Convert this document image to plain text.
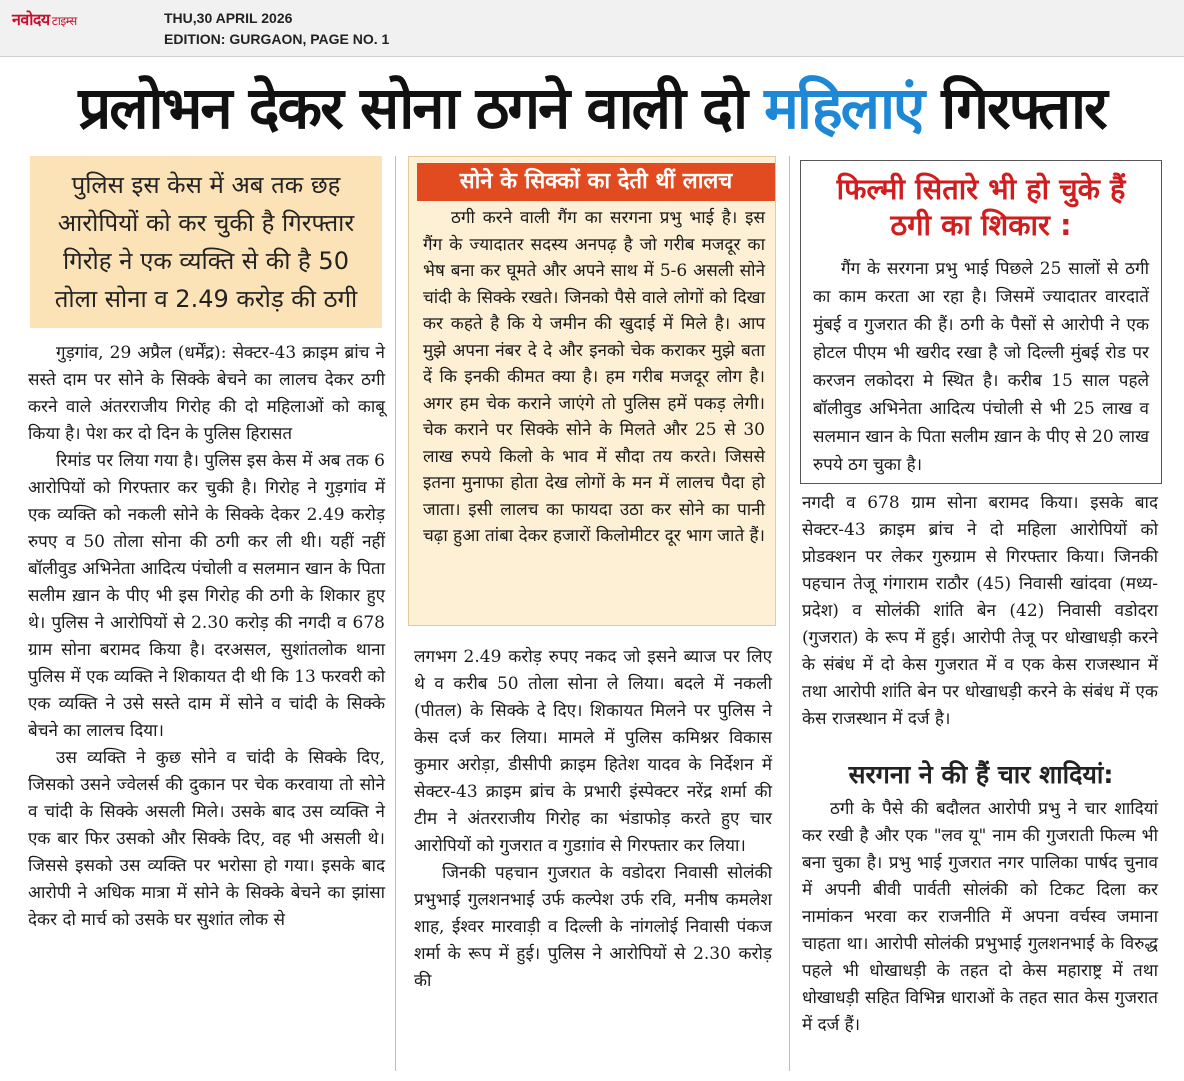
नवोदय टाइम्स	THU,30 APRIL 2026
EDITION: GURGAON, PAGE NO. 1
प्रलोभन देकर सोना ठगने वाली दो महिलाएं गिरफ्तार
पुलिस इस केस में अब तक छह
आरोपियों को कर चुकी है गिरफ्तार
गिरोह ने एक व्यक्ति से की है 50
तोला सोना व 2.49 करोड़ की ठगी

गुड़गांव, 29 अप्रैल (धर्मेंद्र): सेक्टर-43 क्राइम ब्रांच ने सस्ते दाम पर सोने के सिक्के बेचने का लालच देकर ठगी करने वाले अंतरराजीय गिरोह की दो महिलाओं को काबू किया है। पेश कर दो दिन के पुलिस हिरासत

रिमांड पर लिया गया है। पुलिस इस केस में अब तक 6 आरोपियों को गिरफ्तार कर चुकी है। गिरोह ने गुड़गांव में एक व्यक्ति को नकली सोने के सिक्के देकर 2.49 करोड़ रुपए व 50 तोला सोना की ठगी कर ली थी। यहीं नहीं बॉलीवुड अभिनेता आदित्य पंचोली व सलमान खान के पिता सलीम ख़ान के पीए भी इस गिरोह की ठगी के शिकार हुए थे। पुलिस ने आरोपियों से 2.30 करोड़ की नगदी व 678 ग्राम सोना बरामद किया है। दरअसल, सुशांतलोक थाना पुलिस में एक व्यक्ति ने शिकायत दी थी कि 13 फरवरी को एक व्यक्ति ने उसे सस्ते दाम में सोने व चांदी के सिक्के बेचने का लालच दिया।

उस व्यक्ति ने कुछ सोने व चांदी के सिक्के दिए, जिसको उसने ज्वेलर्स की दुकान पर चेक करवाया तो सोने व चांदी के सिक्के असली मिले। उसके बाद उस व्यक्ति ने एक बार फिर उसको और सिक्के दिए, वह भी असली थे। जिससे इसको उस व्यक्ति पर भरोसा हो गया। इसके बाद आरोपी ने अधिक मात्रा में सोने के सिक्के बेचने का झांसा देकर दो मार्च को उसके घर सुशांत लोक से

सोने के सिक्कों का देती थीं लालच

ठगी करने वाली गैंग का सरगना प्रभु भाई है। इस गैंग के ज्यादातर सदस्य अनपढ़ है जो गरीब मजदूर का भेष बना कर घूमते और अपने साथ में 5-6 असली सोने चांदी के सिक्के रखते। जिनको पैसे वाले लोगों को दिखा कर कहते है कि ये जमीन की खुदाई में मिले है। आप मुझे अपना नंबर दे दे और इनको चेक कराकर मुझे बता दें कि इनकी कीमत क्या है। हम गरीब मजदूर लोग है। अगर हम चेक कराने जाएंगे तो पुलिस हमें पकड़ लेगी। चेक कराने पर सिक्के सोने के मिलते और 25 से 30 लाख रुपये किलो के भाव में सौदा तय करते। जिससे इतना मुनाफा होता देख लोगों के मन में लालच पैदा हो जाता। इसी लालच का फायदा उठा कर सोने का पानी चढ़ा हुआ तांबा देकर हजारों किलोमीटर दूर भाग जाते हैं।

लगभग 2.49 करोड़ रुपए नकद जो इसने ब्याज पर लिए थे व करीब 50 तोला सोना ले लिया। बदले में नकली (पीतल) के सिक्के दे दिए। शिकायत मिलने पर पुलिस ने केस दर्ज कर लिया। मामले में पुलिस कमिश्नर विकास कुमार अरोड़ा, डीसीपी क्राइम हितेश यादव के निर्देशन में सेक्टर-43 क्राइम ब्रांच के प्रभारी इंस्पेक्टर नरेंद्र शर्मा की टीम ने अंतरराजीय गिरोह का भंडाफोड़ करते हुए चार आरोपियों को गुजरात व गुडग़ांव से गिरफ्तार कर लिया।

जिनकी पहचान गुजरात के वडोदरा निवासी सोलंकी प्रभुभाई गुलशनभाई उर्फ कल्पेश उर्फ रवि, मनीष कमलेश शाह, ईश्वर मारवाड़ी व दिल्ली के नांगलोई निवासी पंकज शर्मा के रूप में हुई। पुलिस ने आरोपियों से 2.30 करोड़ की

फिल्मी सितारे भी हो चुके हैं
ठगी का शिकार :

गैंग के सरगना प्रभु भाई पिछले 25 सालों से ठगी का काम करता आ रहा है। जिसमें ज्यादातर वारदातें मुंबई व गुजरात की हैं। ठगी के पैसों से आरोपी ने एक होटल पीएम भी खरीद रखा है जो दिल्ली मुंबई रोड पर करजन लकोदरा मे स्थित है। करीब 15 साल पहले बॉलीवुड अभिनेता आदित्य पंचोली से भी 25 लाख व सलमान खान के पिता सलीम ख़ान के पीए से 20 लाख रुपये ठग चुका है।

नगदी व 678 ग्राम सोना बरामद किया। इसके बाद सेक्टर-43 क्राइम ब्रांच ने दो महिला आरोपियों को प्रोडक्शन पर लेकर गुरुग्राम से गिरफ्तार किया। जिनकी पहचान तेजू गंगाराम राठौर (45) निवासी खांदवा (मध्य-प्रदेश) व सोलंकी शांति बेन (42) निवासी वडोदरा (गुजरात) के रूप में हुई। आरोपी तेजू पर धोखाधड़ी करने के संबंध में दो केस गुजरात में व एक केस राजस्थान में तथा आरोपी शांति बेन पर धोखाधड़ी करने के संबंध में एक केस राजस्थान में दर्ज है।

सरगना ने की हैं चार शादियां:

ठगी के पैसे की बदौलत आरोपी प्रभु ने चार शादियां कर रखी है और एक "लव यू" नाम की गुजराती फिल्म भी बना चुका है। प्रभु भाई गुजरात नगर पालिका पार्षद चुनाव में अपनी बीवी पार्वती सोलंकी को टिकट दिला कर नामांकन भरवा कर राजनीति में अपना वर्चस्व जमाना चाहता था। आरोपी सोलंकी प्रभुभाई गुलशनभाई के विरुद्ध पहले भी धोखाधड़ी के तहत दो केस महाराष्ट्र में तथा धोखाधड़ी सहित विभिन्न धाराओं के तहत सात केस गुजरात में दर्ज हैं।
